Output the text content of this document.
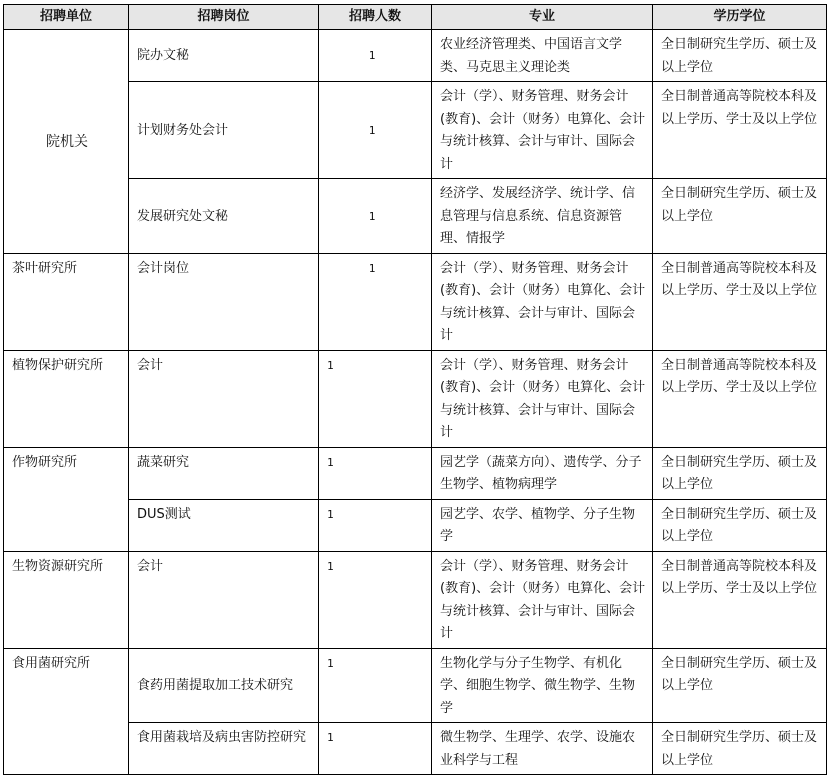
招聘单位	招聘岗位	招聘人数	专业	学历学位
院机关	院办文秘	1	农业经济管理类、中国语言文学类、马克思主义理论类	全日制研究生学历、硕士及以上学位
	计划财务处会计	1	会计（学）、财务管理、财务会计(教育)、会计（财务）电算化、会计与统计核算、会计与审计、国际会计	全日制普通高等院校本科及以上学历、学士及以上学位
	发展研究处文秘	1	经济学、发展经济学、统计学、信息管理与信息系统、信息资源管理、情报学	全日制研究生学历、硕士及以上学位
茶叶研究所	会计岗位	1	会计（学）、财务管理、财务会计(教育)、会计（财务）电算化、会计与统计核算、会计与审计、国际会计	全日制普通高等院校本科及以上学历、学士及以上学位
植物保护研究所	会计	1	会计（学）、财务管理、财务会计(教育)、会计（财务）电算化、会计与统计核算、会计与审计、国际会计	全日制普通高等院校本科及以上学历、学士及以上学位
作物研究所	蔬菜研究	1	园艺学（蔬菜方向）、遗传学、分子生物学、植物病理学	全日制研究生学历、硕士及以上学位
	DUS测试	1	园艺学、农学、植物学、分子生物学	全日制研究生学历、硕士及以上学位
生物资源研究所	会计	1	会计（学）、财务管理、财务会计(教育)、会计（财务）电算化、会计与统计核算、会计与审计、国际会计	全日制普通高等院校本科及以上学历、学士及以上学位
食用菌研究所	食药用菌提取加工技术研究	1	生物化学与分子生物学、有机化学、细胞生物学、微生物学、生物学	全日制研究生学历、硕士及以上学位
	食用菌栽培及病虫害防控研究	1	微生物学、生理学、农学、设施农业科学与工程	全日制研究生学历、硕士及以上学位
